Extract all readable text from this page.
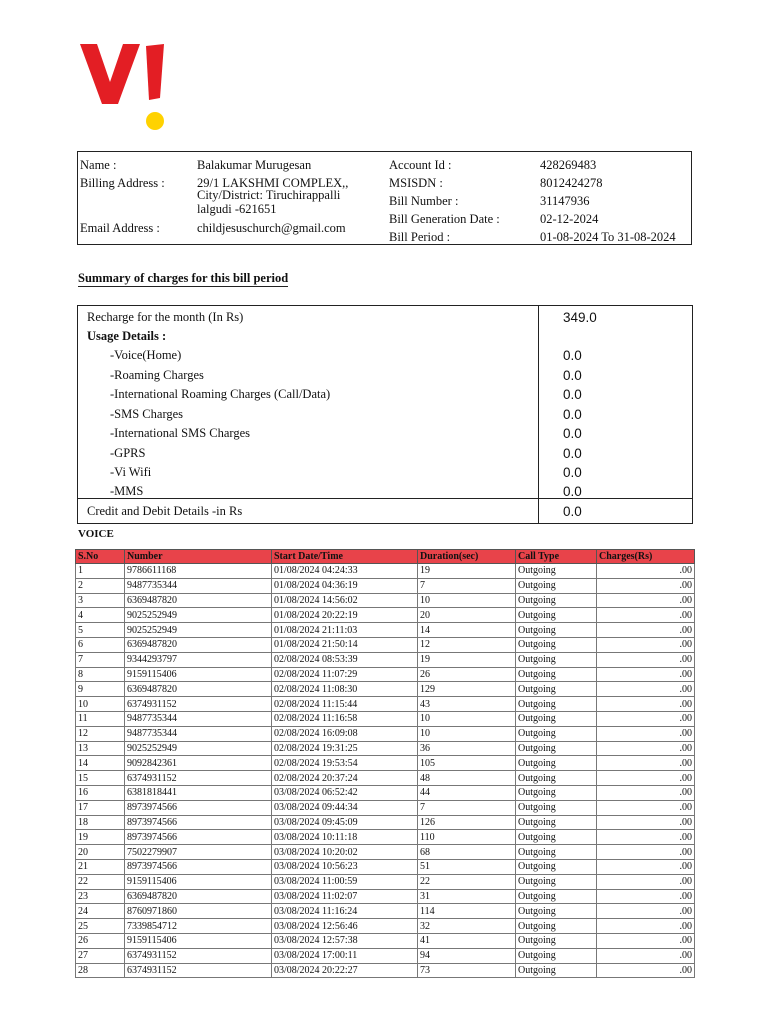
Name :	Balakumar Murugesan
Billing Address :	29/1 LAKSHMI COMPLEX,,
City/District: Tiruchirappalli
lalgudi -621651
Email Address :	childjesuschurch@gmail.com
Account Id :	428269483
MSISDN :	8012424278
Bill Number :	31147936
Bill Generation Date :	02-12-2024
Bill Period :	01-08-2024 To 31-08-2024
Summary of charges for this bill period
Recharge for the month (In Rs)	349.0
Usage Details :
-Voice(Home)	0.0
-Roaming Charges	0.0
-International Roaming Charges (Call/Data)	0.0
-SMS Charges	0.0
-International SMS Charges	0.0
-GPRS	0.0
-Vi Wifi	0.0
-MMS	0.0
Credit and Debit Details -in Rs	0.0
VOICE
S.No	Number	Start Date/Time	Duration(sec)	Call Type	Charges(Rs)
1	9786611168	01/08/2024 04:24:33	19	Outgoing	.00
2	9487735344	01/08/2024 04:36:19	7	Outgoing	.00
3	6369487820	01/08/2024 14:56:02	10	Outgoing	.00
4	9025252949	01/08/2024 20:22:19	20	Outgoing	.00
5	9025252949	01/08/2024 21:11:03	14	Outgoing	.00
6	6369487820	01/08/2024 21:50:14	12	Outgoing	.00
7	9344293797	02/08/2024 08:53:39	19	Outgoing	.00
8	9159115406	02/08/2024 11:07:29	26	Outgoing	.00
9	6369487820	02/08/2024 11:08:30	129	Outgoing	.00
10	6374931152	02/08/2024 11:15:44	43	Outgoing	.00
11	9487735344	02/08/2024 11:16:58	10	Outgoing	.00
12	9487735344	02/08/2024 16:09:08	10	Outgoing	.00
13	9025252949	02/08/2024 19:31:25	36	Outgoing	.00
14	9092842361	02/08/2024 19:53:54	105	Outgoing	.00
15	6374931152	02/08/2024 20:37:24	48	Outgoing	.00
16	6381818441	03/08/2024 06:52:42	44	Outgoing	.00
17	8973974566	03/08/2024 09:44:34	7	Outgoing	.00
18	8973974566	03/08/2024 09:45:09	126	Outgoing	.00
19	8973974566	03/08/2024 10:11:18	110	Outgoing	.00
20	7502279907	03/08/2024 10:20:02	68	Outgoing	.00
21	8973974566	03/08/2024 10:56:23	51	Outgoing	.00
22	9159115406	03/08/2024 11:00:59	22	Outgoing	.00
23	6369487820	03/08/2024 11:02:07	31	Outgoing	.00
24	8760971860	03/08/2024 11:16:24	114	Outgoing	.00
25	7339854712	03/08/2024 12:56:46	32	Outgoing	.00
26	9159115406	03/08/2024 12:57:38	41	Outgoing	.00
27	6374931152	03/08/2024 17:00:11	94	Outgoing	.00
28	6374931152	03/08/2024 20:22:27	73	Outgoing	.00
